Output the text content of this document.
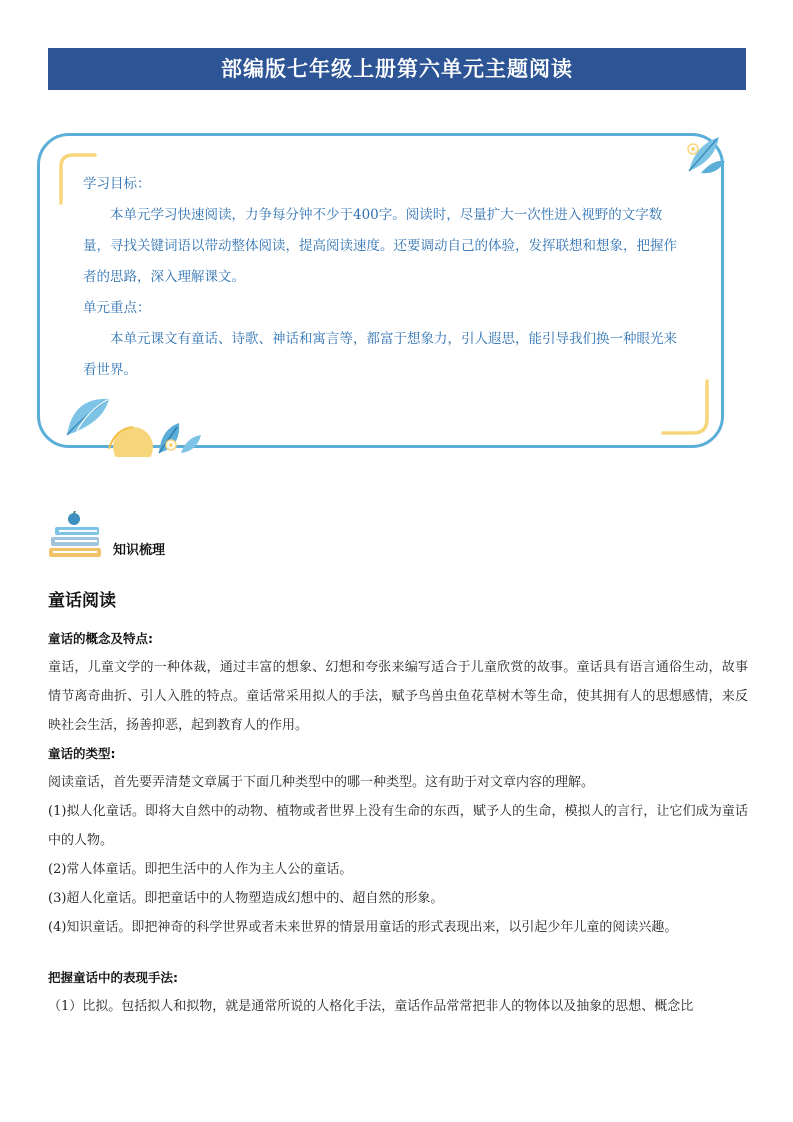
部编版七年级上册第六单元主题阅读

学习目标：

本单元学习快速阅读，力争每分钟不少于400字。阅读时，尽量扩大一次性进入视野的文字数量，寻找关键词语以带动整体阅读，提高阅读速度。还要调动自己的体验，发挥联想和想象，把握作者的思路，深入理解课文。

单元重点：

本单元课文有童话、诗歌、神话和寓言等，都富于想象力，引人遐思，能引导我们换一种眼光来看世界。

知识梳理
童话阅读

童话的概念及特点:

童话，儿童文学的一种体裁，通过丰富的想象、幻想和夸张来编写适合于儿童欣赏的故事。童话具有语言通俗生动，故事情节离奇曲折、引人入胜的特点。童话常采用拟人的手法，赋予鸟兽虫鱼花草树木等生命，使其拥有人的思想感情，来反映社会生活，扬善抑恶，起到教育人的作用。

童话的类型:

阅读童话，首先要弄清楚文章属于下面几种类型中的哪一种类型。这有助于对文章内容的理解。

(1)拟人化童话。即将大自然中的动物、植物或者世界上没有生命的东西，赋予人的生命，模拟人的言行，让它们成为童话中的人物。

(2)常人体童话。即把生活中的人作为主人公的童话。

(3)超人化童话。即把童话中的人物塑造成幻想中的、超自然的形象。

(4)知识童话。即把神奇的科学世界或者未来世界的情景用童话的形式表现出来，以引起少年儿童的阅读兴趣。

把握童话中的表现手法:

（1）比拟。包括拟人和拟物，就是通常所说的人格化手法，童话作品常常把非人的物体以及抽象的思想、概念比
